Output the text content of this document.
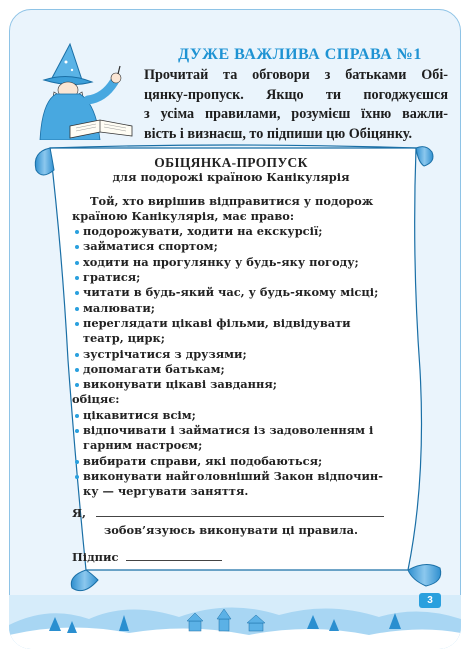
ДУЖЕ ВАЖЛИВА СПРАВА №1
Прочитай та обговори з батьками Обі-
цянку-пропуск. Якщо ти погоджуєшся
з усіма правилами, розумієш їхню важли-
вість і визнаєш, то підпиши цю Обіцянку.
ОБІЦЯНКА-ПРОПУСК
для подорожі країною Канікулярія

Той, хто вирішив відправитися у подорож

країною Канікулярія, має право:

подорожувати, ходити на екскурсії;
займатися спортом;
ходити на прогулянку у будь-яку погоду;
гратися;
читати в будь-який час, у будь-якому місці;
малювати;
переглядати цікаві фільми, відвідувати театр, цирк;
зустрічатися з друзями;
допомагати батькам;
виконувати цікаві завдання;

обіцяє:

цікавитися всім;
відпочивати і займатися із задоволенням і гарним настроєм;
вибирати справи, які подобаються;
виконувати найголовніший Закон відпочинку — чергувати заняття.

Я,

зобов’язуюсь виконувати ці правила.

Підпис

3
